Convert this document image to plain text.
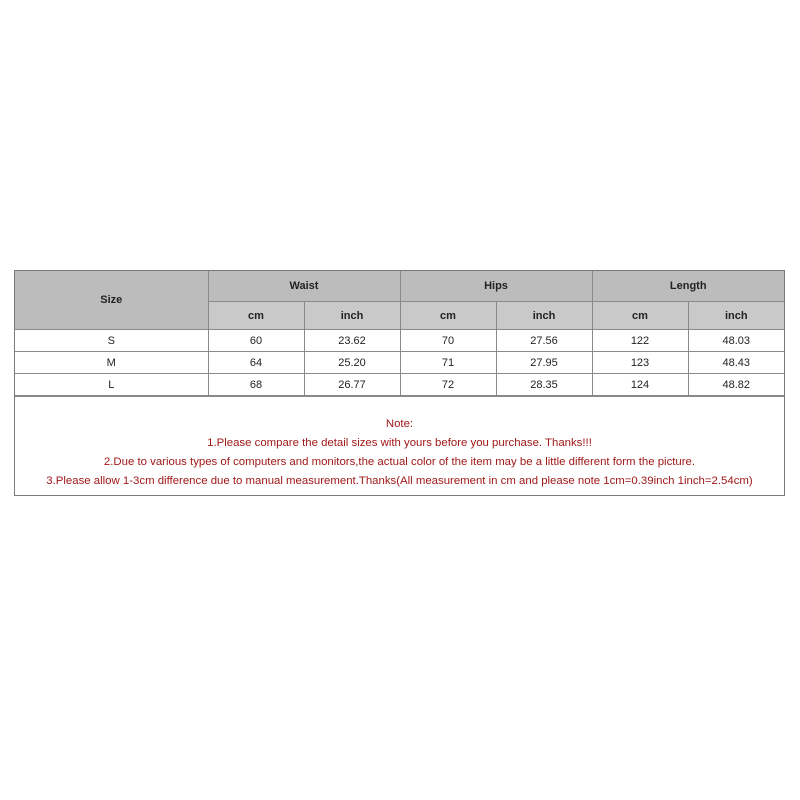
Size	Waist		Hips		Length	
	cm	inch	cm	inch	cm	inch
S	60	23.62	70	27.56	122	48.03
M	64	25.20	71	27.95	123	48.43
L	68	26.77	72	28.35	124	48.82
Note:
1.Please compare the detail sizes with yours before you purchase. Thanks!!!
2.Due to various types of computers and monitors,the actual color of the item may be a little different form the picture.
3.Please allow 1-3cm difference due to manual measurement.Thanks(All measurement in cm and please note 1cm=0.39inch 1inch=2.54cm)
